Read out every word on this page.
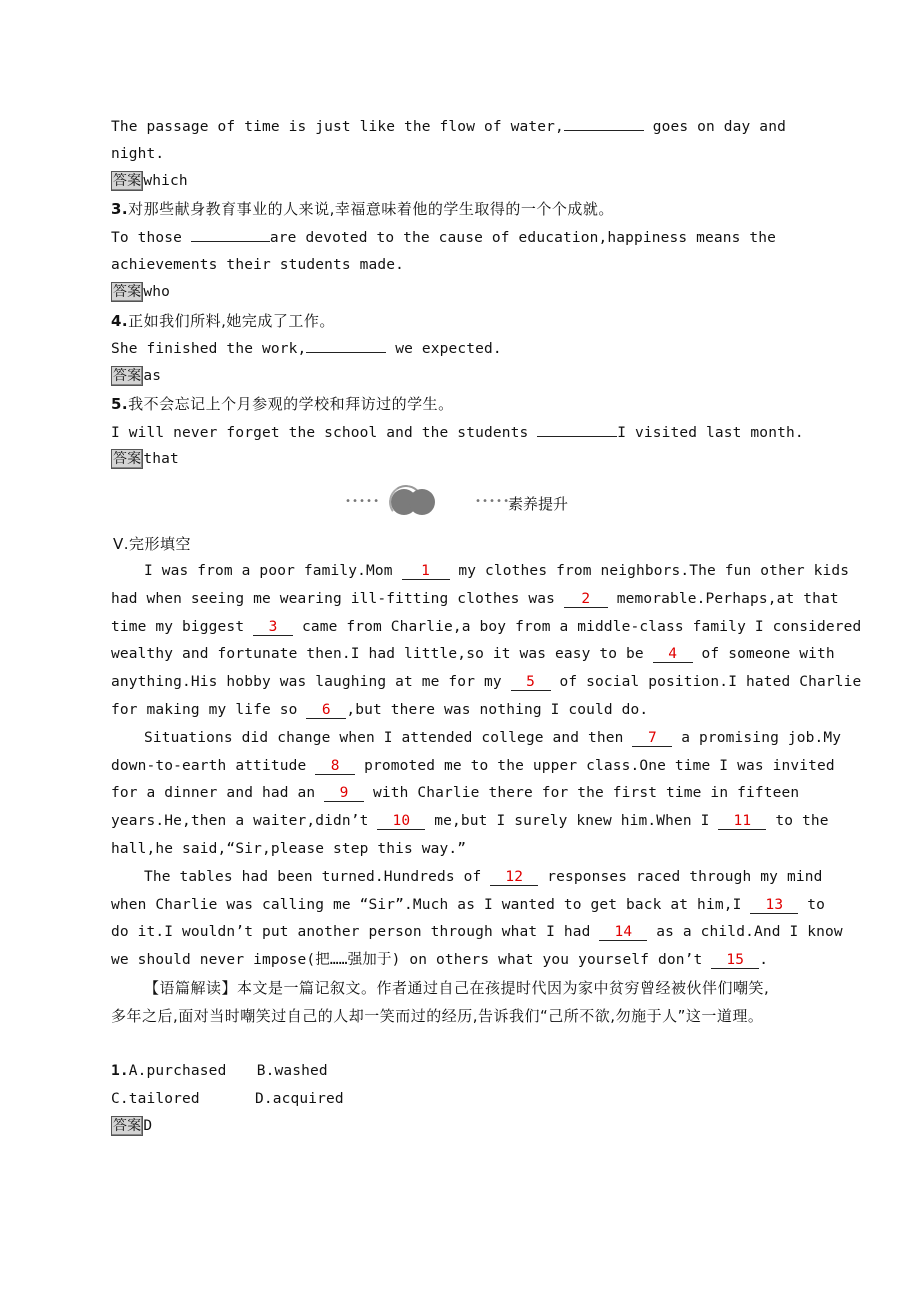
The passage of time is just like the flow of water,	goes on day and
night.
答案 which
3.对那些献身教育事业的人来说,幸福意味着他的学生取得的一个个成就。
To those	are devoted to the cause of education,happiness means the
achievements their students made.
答案 who
4.正如我们所料,她完成了工作。
She finished the work,	we expected.
答案 as
5.我不会忘记上个月参观的学校和拜访过的学生。
I will never forget the school and the students	I visited last month.
答案 that
•••••	•••••
素养提升
Ⅴ.完形填空
I was from a poor family.Mom 1 my clothes from neighbors.The fun other kids
had when seeing me wearing ill-fitting clothes was 2 memorable.Perhaps,at that
time my biggest 3 came from Charlie,a boy from a middle-class family I considered
wealthy and fortunate then.I had little,so it was easy to be 4 of someone with
anything.His hobby was laughing at me for my 5 of social position.I hated Charlie
for making my life so 6 ,but there was nothing I could do.
Situations did change when I attended college and then 7 a promising job.My
down-to-earth attitude 8 promoted me to the upper class.One time I was invited
for a dinner and had an 9 with Charlie there for the first time in fifteen
years.He,then a waiter,didn’t 10 me,but I surely knew him.When I 11 to the
hall,he said,“Sir,please step this way.”
The tables had been turned.Hundreds of 12 responses raced through my mind
when Charlie was calling me “Sir”.Much as I wanted to get back at him,I 13 to
do it.I wouldn’t put another person through what I had 14 as a child.And I know
we should never impose(把……强加于) on others what you yourself don’t 15 .
【语篇解读】本文是一篇记叙文。作者通过自己在孩提时代因为家中贫穷曾经被伙伴们嘲笑,
多年之后,面对当时嘲笑过自己的人却一笑而过的经历,告诉我们“己所不欲,勿施于人”这一道理。
1.A.purchased B.washed
C.tailored	D.acquired
答案 D
